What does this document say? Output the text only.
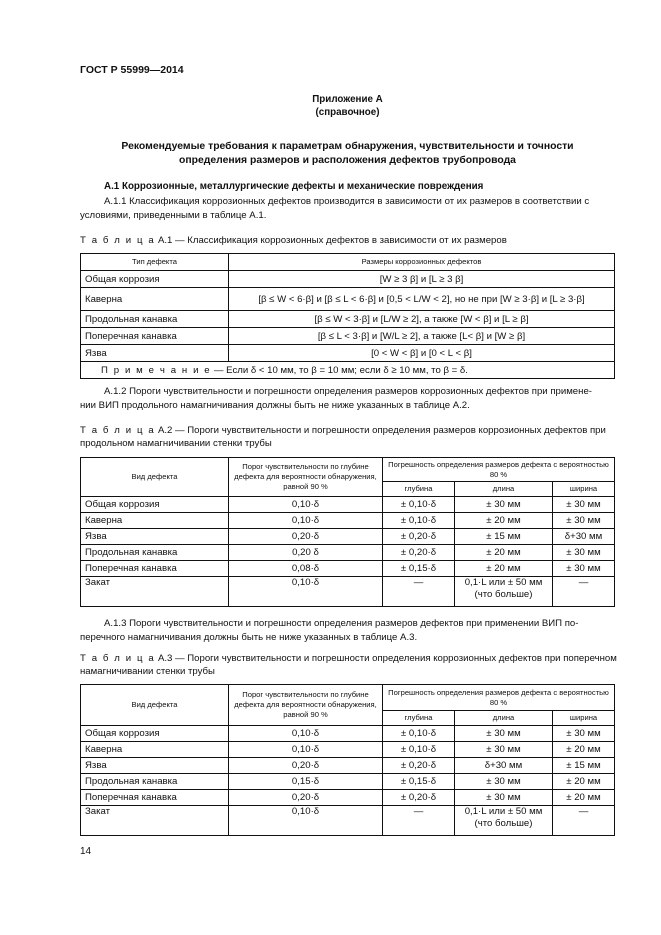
ГОСТ Р 55999—2014
Приложение А
(справочное)
Рекомендуемые требования к параметрам обнаружения, чувствительности и точности
определения размеров и расположения дефектов трубопровода
А.1 Коррозионные, металлургические дефекты и механические повреждения
А.1.1 Классификация коррозионных дефектов производится в зависимости от их размеров в соответствии с
условиями, приведенными в таблице А.1.
Т а б л и ц а А.1 — Классификация коррозионных дефектов в зависимости от их размеров
Тип дефекта	Размеры коррозионных дефектов
Общая коррозия	[W ≥ 3 β] и [L ≥ 3 β]
Каверна	[β ≤ W < 6·β] и [β ≤ L < 6·β] и [0,5 < L/W < 2], но не при [W ≥ 3·β] и [L ≥ 3·β]
Продольная канавка	[β ≤ W < 3·β] и [L/W ≥ 2], а также [W < β] и [L ≥ β]
Поперечная канавка	[β ≤ L < 3·β] и [W/L ≥ 2], а также [L< β] и [W ≥ β]
Язва	[0 < W < β] и [0 < L < β]
П р и м е ч а н и е — Если δ < 10 мм, то β = 10 мм; если δ ≥ 10 мм, то β = δ.	
А.1.2 Пороги чувствительности и погрешности определения размеров коррозионных дефектов при примене-
нии ВИП продольного намагничивания должны быть не ниже указанных в таблице А.2.
Т а б л и ц а А.2 — Пороги чувствительности и погрешности определения размеров коррозионных дефектов при
продольном намагничивании стенки трубы
Вид дефекта	Порог чувствительности по глубине дефекта для вероятности обнаружения, равной 90 %	Погрешность определения размеров дефекта с вероятностью 80 %		
		глубина	длина	ширина
Общая коррозия	0,10·δ	± 0,10·δ	± 30 мм	± 30 мм
Каверна	0,10·δ	± 0,10·δ	± 20 мм	± 30 мм
Язва	0,20·δ	± 0,20·δ	± 15 мм	δ+30 мм
Продольная канавка	0,20 δ	± 0,20·δ	± 20 мм	± 30 мм
Поперечная канавка	0,08·δ	± 0,15·δ	± 20 мм	± 30 мм
Закат	0,10·δ	—	0,1·L или ± 50 мм (что больше)	—
А.1.3 Пороги чувствительности и погрешности определения размеров дефектов при применении ВИП по-
перечного намагничивания должны быть не ниже указанных в таблице А.3.
Т а б л и ц а А.3 — Пороги чувствительности и погрешности определения коррозионных дефектов при поперечном
намагничивании стенки трубы
Вид дефекта	Порог чувствительности по глубине дефекта для вероятности обнаружения, равной 90 %	Погрешность определения размеров дефекта с вероятностью 80 %		
		глубина	длина	ширина
Общая коррозия	0,10·δ	± 0,10·δ	± 30 мм	± 30 мм
Каверна	0,10·δ	± 0,10·δ	± 30 мм	± 20 мм
Язва	0,20·δ	± 0,20·δ	δ+30 мм	± 15 мм
Продольная канавка	0,15·δ	± 0,15·δ	± 30 мм	± 20 мм
Поперечная канавка	0,20·δ	± 0,20·δ	± 30 мм	± 20 мм
Закат	0,10·δ	—	0,1·L или ± 50 мм (что больше)	—
14
